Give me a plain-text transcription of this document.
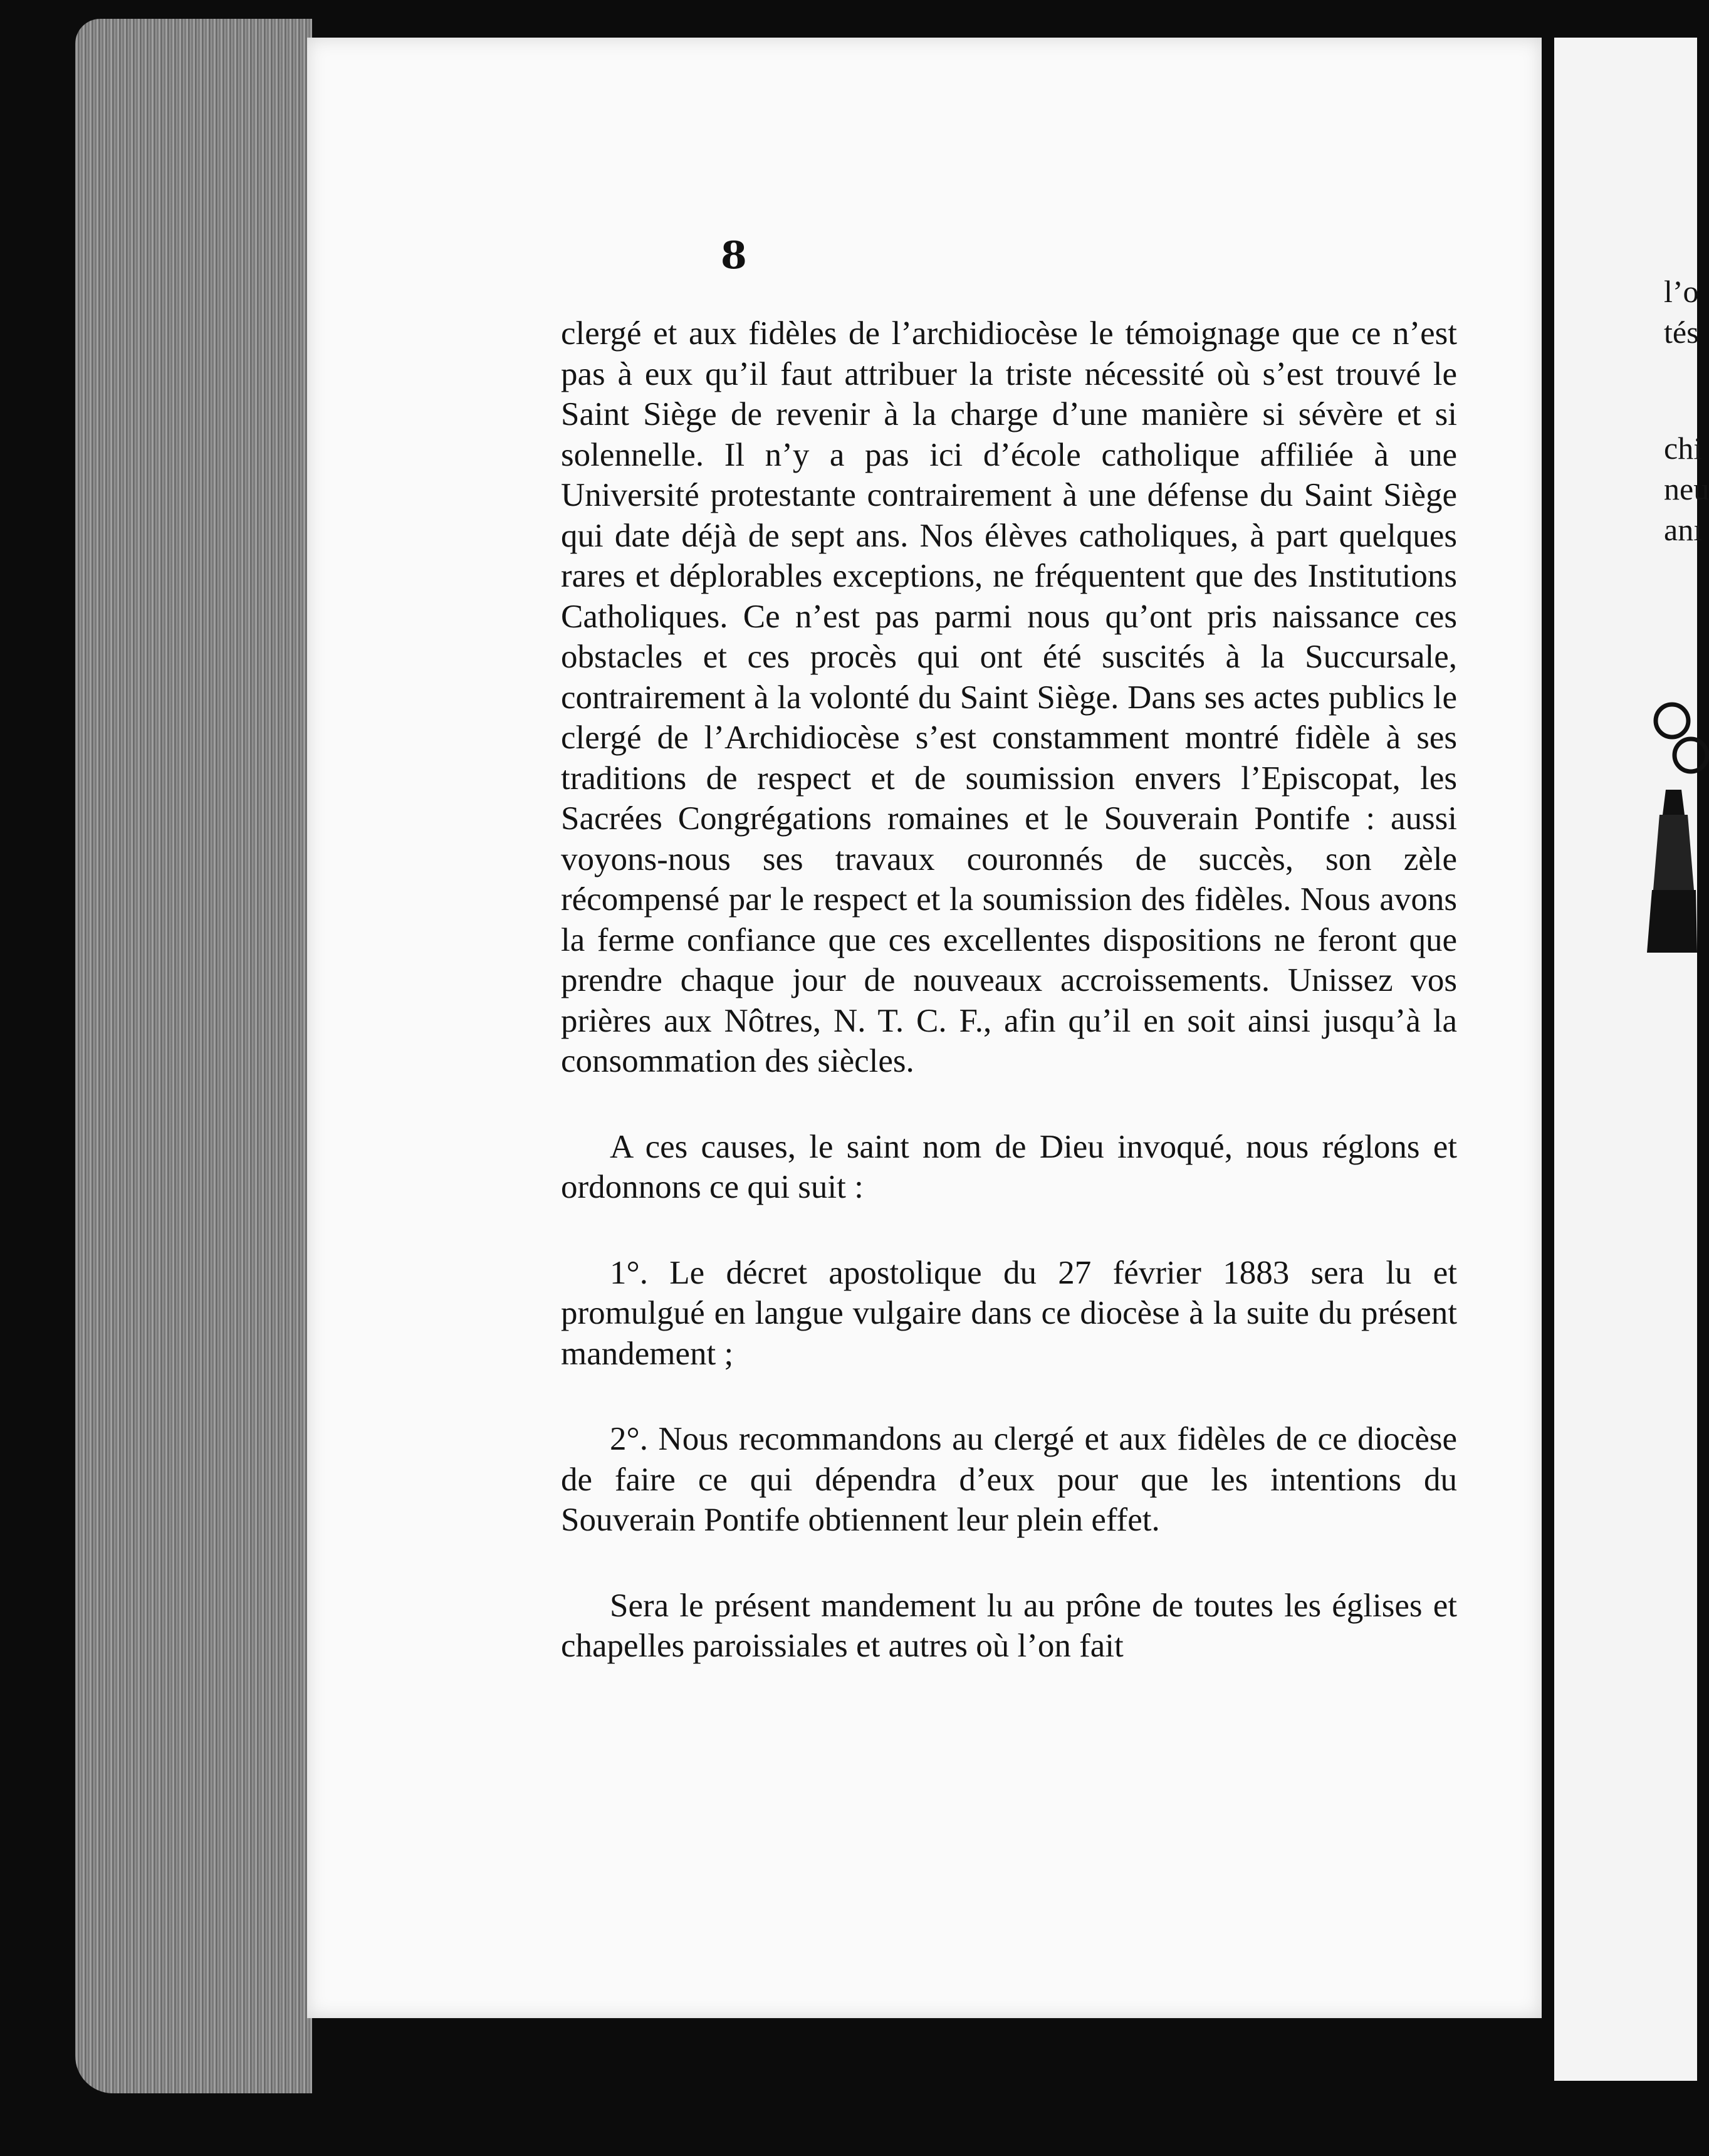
8

clergé et aux fidèles de l’archidiocèse le témoignage que ce n’est pas à eux qu’il faut attribuer la triste nécessité où s’est trouvé le Saint Siège de revenir à la charge d’une manière si sévère et si solennelle. Il n’y a pas ici d’école catholique affiliée à une Université protestante contrairement à une défense du Saint Siège qui date déjà de sept ans. Nos élèves catholiques, à part quelques rares et déplorables exceptions, ne fréquentent que des Institutions Catholiques. Ce n’est pas parmi nous qu’ont pris naissance ces obstacles et ces procès qui ont été suscités à la Succursale, contrairement à la volonté du Saint Siège. Dans ses actes publics le clergé de l’Archidiocèse s’est constamment montré fidèle à ses traditions de respect et de soumission envers l’Episcopat, les Sacrées Congrégations romaines et le Souverain Pontife : aussi voyons-nous ses travaux couronnés de succès, son zèle récompensé par le respect et la soumission des fidèles. Nous avons la ferme confiance que ces excellentes dispositions ne feront que prendre chaque jour de nouveaux accroissements. Unissez vos prières aux Nôtres, N. T. C. F., afin qu’il en soit ainsi jusqu’à la consommation des siècles.

A ces causes, le saint nom de Dieu invoqué, nous réglons et ordonnons ce qui suit :

1°. Le décret apostolique du 27 février 1883 sera lu et promulgué en langue vulgaire dans ce diocèse à la suite du présent mandement ;

2°. Nous recommandons au clergé et aux fidèles de ce diocèse de faire ce qui dépendra d’eux pour que les intentions du Souverain Pontife obtiennent leur plein effet.

Sera le présent mandement lu au prône de toutes les églises et chapelles paroissiales et autres où l’on fait

l’o
tés
chi
neu
anı
